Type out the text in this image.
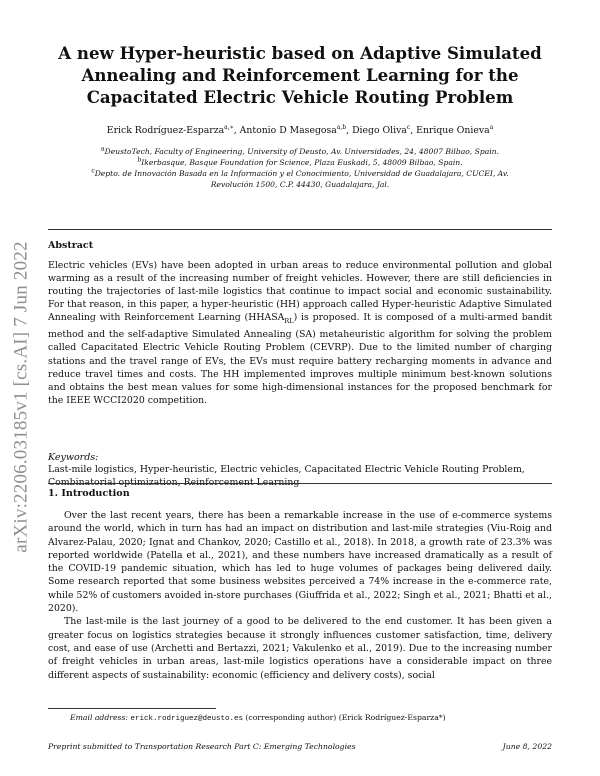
arXiv:2206.03185v1 [cs.AI] 7 Jun 2022
A new Hyper-heuristic based on Adaptive Simulated Annealing and Reinforcement Learning for the Capacitated Electric Vehicle Routing Problem
Erick Rodríguez-Esparza$^{a,∗}$, Antonio D Masegosa$^{a,b}$, Diego Oliva$^c$, Enrique Onieva$^a$
$^a$DeustoTech, Faculty of Engineering, University of Deusto, Av. Universidades, 24, 48007 Bilbao, Spain.
$^b$Ikerbasque, Basque Foundation for Science, Plaza Euskadi, 5, 48009 Bilbao, Spain.
$^c$Depto. de Innovación Basada en la Información y el Conocimiento, Universidad de Guadalajara, CUCEI, Av.
Revolución 1500, C.P. 44430, Guadalajara, Jal.
Abstract
Electric vehicles (EVs) have been adopted in urban areas to reduce environmental pollution and global warming as a result of the increasing number of freight vehicles. However, there are still deficiencies in routing the trajectories of last-mile logistics that continue to impact social and economic sustainability. For that reason, in this paper, a hyper-heuristic (HH) approach called Hyper-heuristic Adaptive Simulated Annealing with Reinforcement Learning $(HHASA_{RL})$ is proposed. It is composed of a multi-armed bandit method and the self-adaptive Simulated Annealing (SA) metaheuristic algorithm for solving the problem called Capacitated Electric Vehicle Routing Problem (CEVRP). Due to the limited number of charging stations and the travel range of EVs, the EVs must require battery recharging moments in advance and reduce travel times and costs. The HH implemented improves multiple minimum best-known solutions and obtains the best mean values for some high-dimensional instances for the proposed benchmark for the IEEE WCCI2020 competition.
Keywords:
Last-mile logistics, Hyper-heuristic, Electric vehicles, Capacitated Electric Vehicle Routing Problem, Combinatorial optimization, Reinforcement Learning
1. Introduction

Over the last recent years, there has been a remarkable increase in the use of e-commerce systems around the world, which in turn has had an impact on distribution and last-mile strategies (Viu-Roig and Alvarez-Palau, 2020; Ignat and Chankov, 2020; Castillo et al., 2018). In 2018, a growth rate of 23.3% was reported worldwide (Patella et al., 2021), and these numbers have increased dramatically as a result of the COVID-19 pandemic situation, which has led to huge volumes of packages being delivered daily. Some research reported that some business websites perceived a 74% increase in the e-commerce rate, while 52% of customers avoided in-store purchases (Giuffrida et al., 2022; Singh et al., 2021; Bhatti et al., 2020).

The last-mile is the last journey of a good to be delivered to the end customer. It has been given a greater focus on logistics strategies because it strongly influences customer satisfaction, time, delivery cost, and ease of use (Archetti and Bertazzi, 2021; Vakulenko et al., 2019). Due to the increasing number of freight vehicles in urban areas, last-mile logistics operations have a considerable impact on three different aspects of sustainability: economic (efficiency and delivery costs), social

Email address: erick.rodriguez@deusto.es (corresponding author) (Erick Rodríguez-Esparza*)
Preprint submitted to Transportation Research Part C: Emerging Technologies	June 8, 2022
